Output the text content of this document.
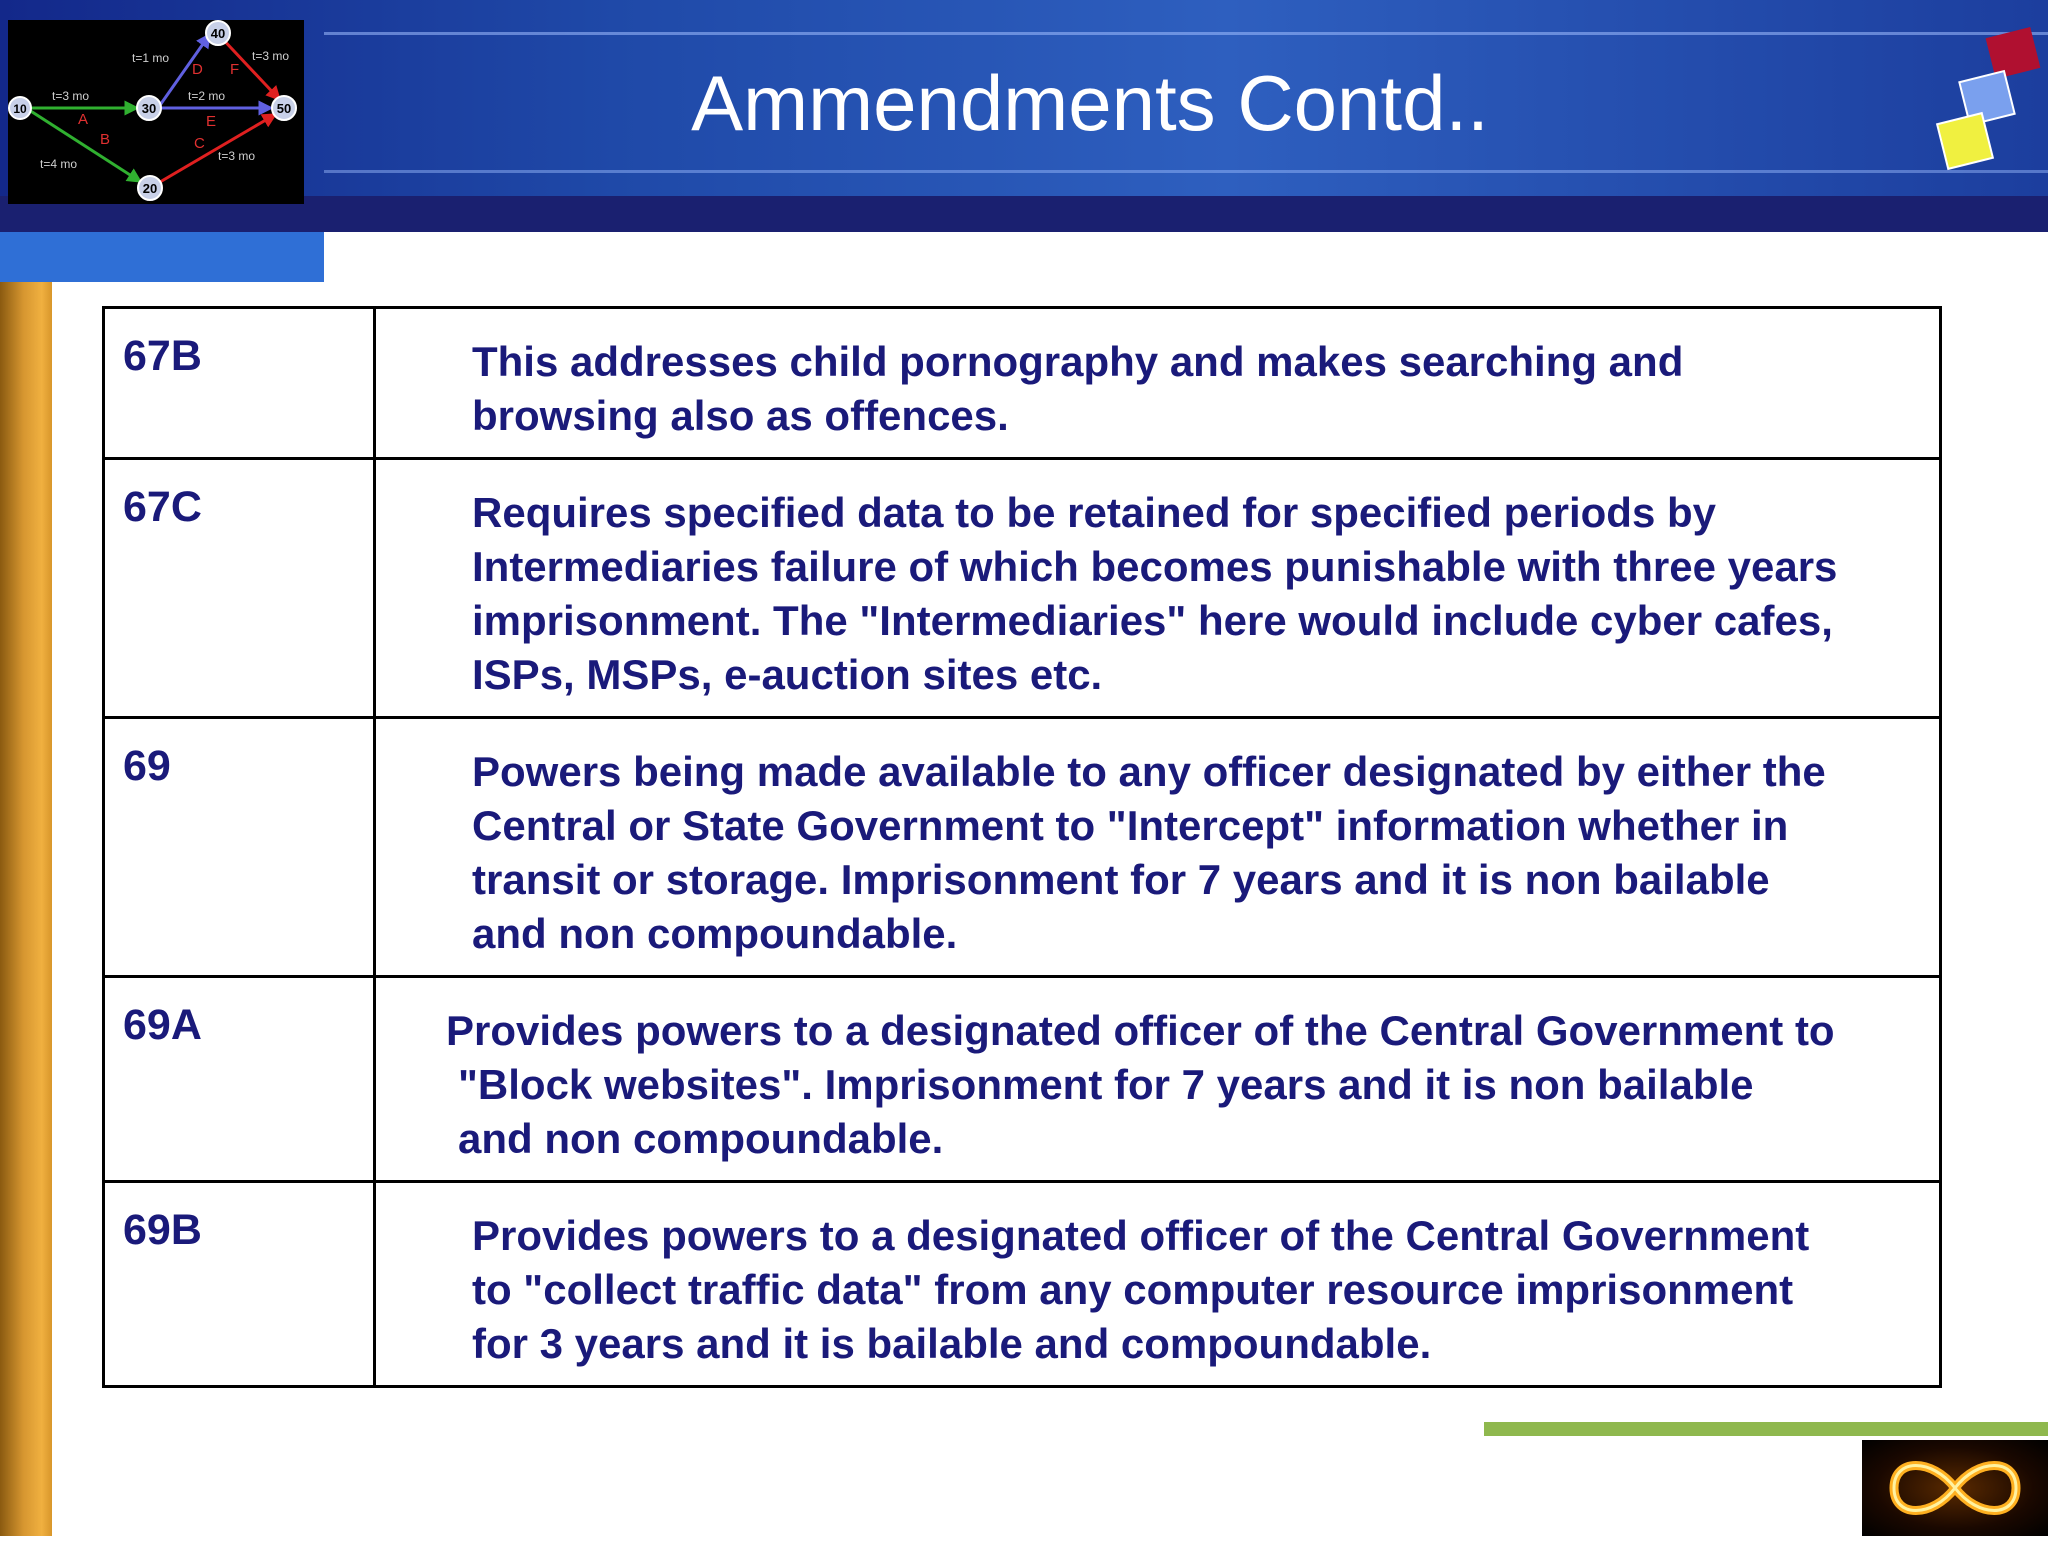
10	30
40
50
20
t=1 mo	t=3 mo
t=3 mo	t=2 mo
t=4 mo
t=3 mo
A
B	C
D
E
F	Ammendments Contd..
67B	This addresses child pornography and makes searching and
browsing also as offences.

67C	Requires specified data to be retained for specified periods by
Intermediaries failure of which becomes punishable with three years
imprisonment. The "Intermediaries" here would include cyber cafes,
ISPs, MSPs, e-auction sites etc.

69	Powers being made available to any officer designated by either the
Central or State Government to "Intercept" information whether in
transit or storage. Imprisonment for 7 years and it is non bailable
and non compoundable.

69A	Provides powers to a designated officer of the Central Government to
"Block websites". Imprisonment for 7 years and it is non bailable
and non compoundable.

69B	Provides powers to a designated officer of the Central Government
to "collect traffic data" from any computer resource imprisonment
for 3 years and it is bailable and compoundable.
